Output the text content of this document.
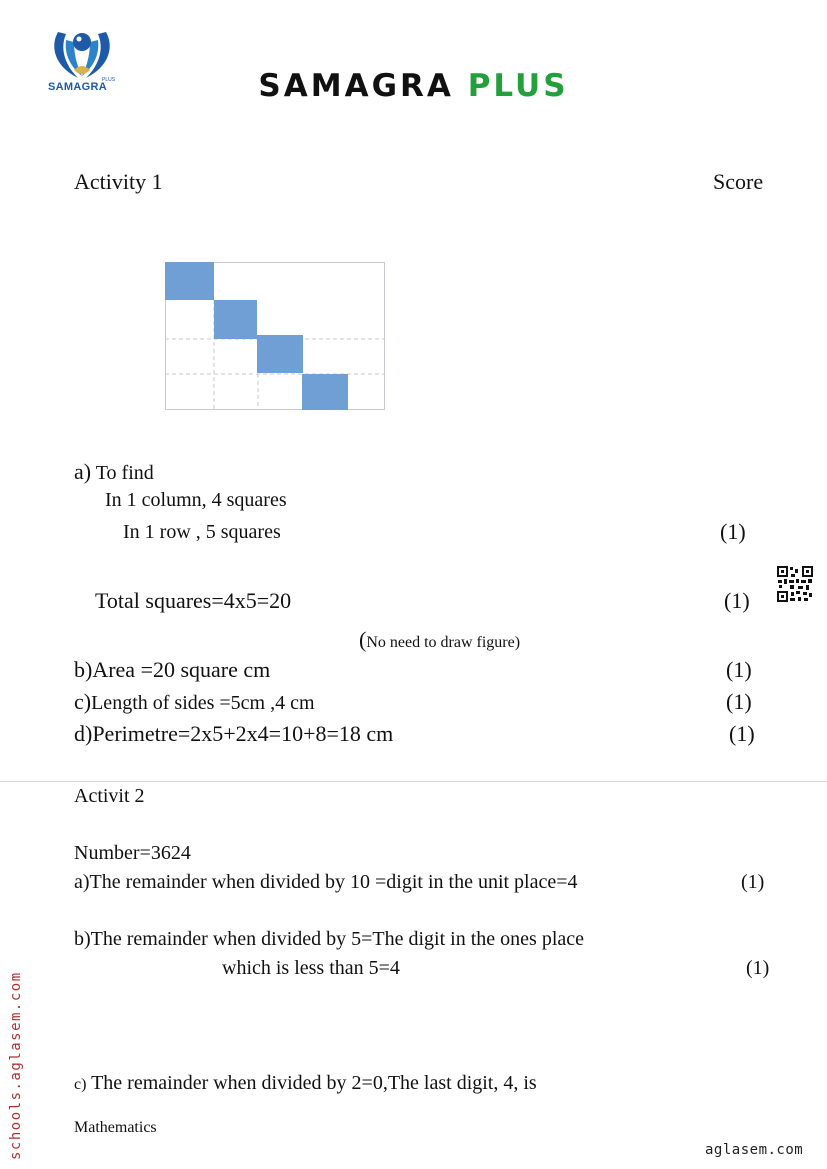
SAMAGRA
PLUS	SAMAGRA PLUS
Activity 1	Score
a) To find
In 1 column, 4 squares
In 1 row , 5 squares	(1)
Total squares=4x5=20	(1)
(No need to draw figure)
b)Area =20 square cm	(1)
c)Length of sides =5cm ,4 cm	(1)
d)Perimetre=2x5+2x4=10+8=18 cm	(1)
Activit 2
Number=3624
a)The remainder when divided by 10 =digit in the unit place=4	(1)
b)The remainder when divided by 5=The digit in the ones place
which is less than 5=4	(1)
c) The remainder when divided by 2=0,The last digit, 4, is
Mathematics
aglasem.com
schools.aglasem.com
